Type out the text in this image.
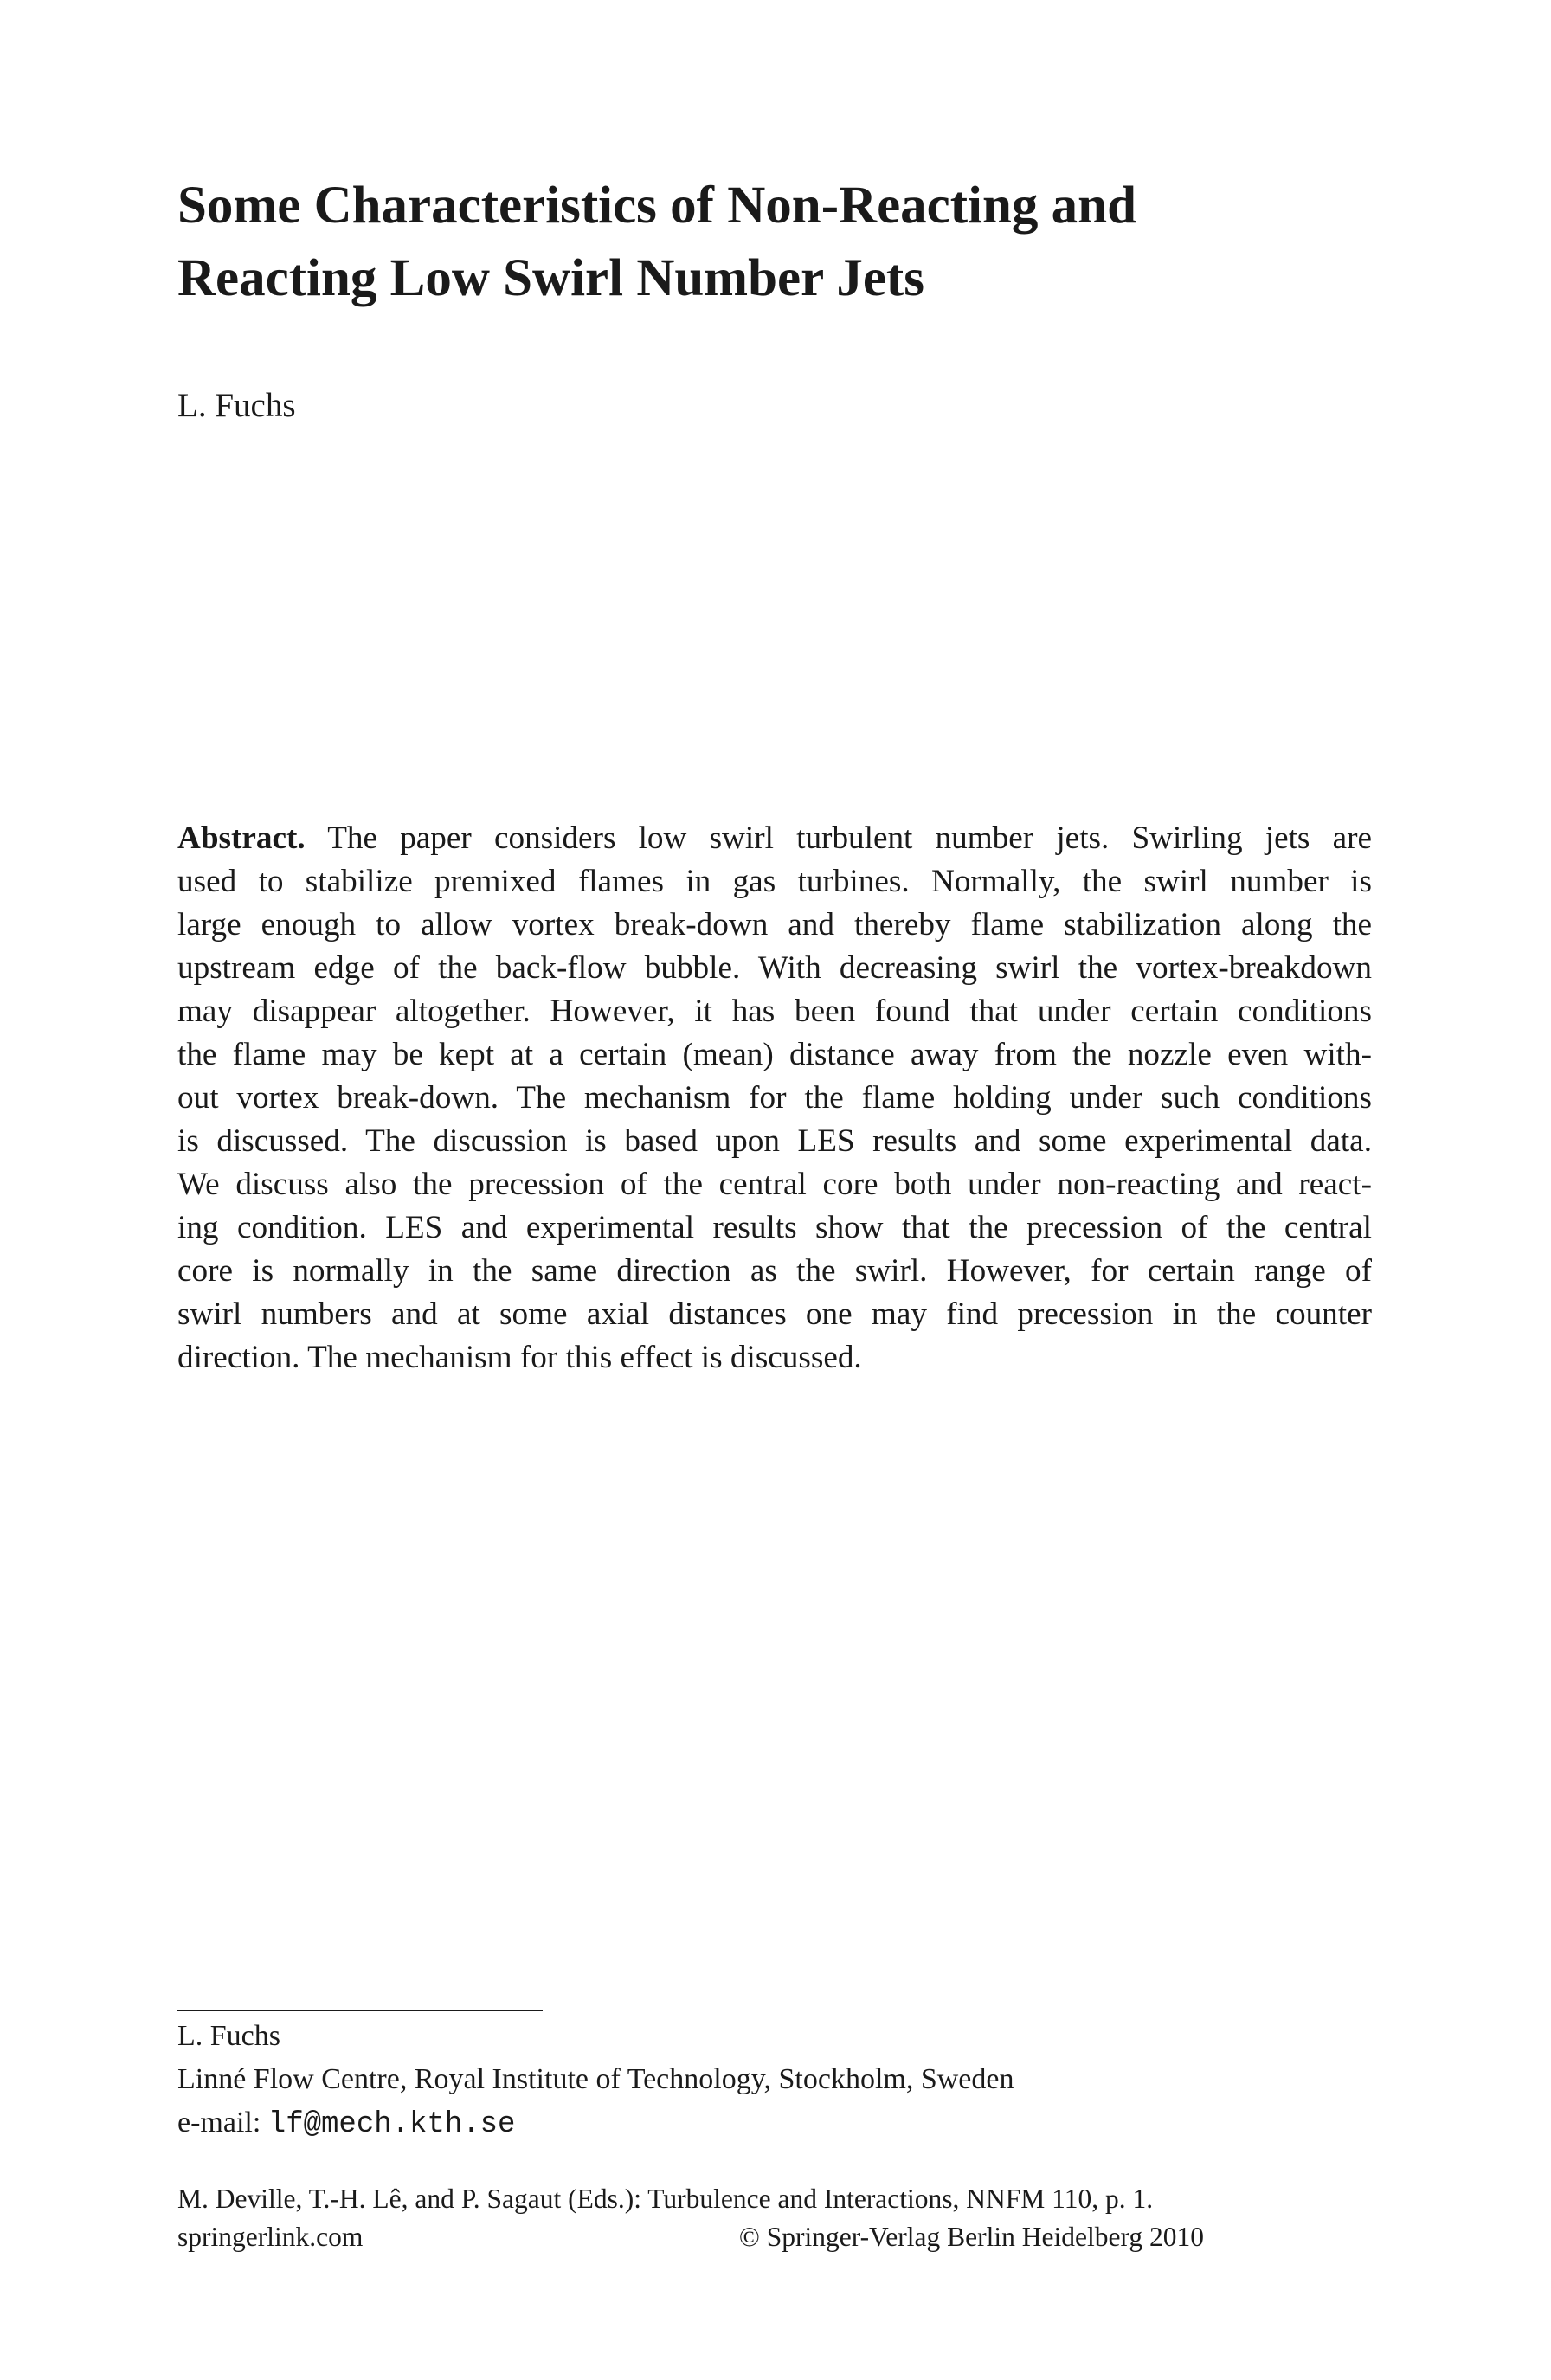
Some Characteristics of Non-Reacting and
Reacting Low Swirl Number Jets
L. Fuchs
Abstract. The paper considers low swirl turbulent number jets. Swirling jets are
used to stabilize premixed flames in gas turbines. Normally, the swirl number is
large enough to allow vortex break-down and thereby flame stabilization along the
upstream edge of the back-flow bubble. With decreasing swirl the vortex-breakdown
may disappear altogether. However, it has been found that under certain conditions
the flame may be kept at a certain (mean) distance away from the nozzle even with-
out vortex break-down. The mechanism for the flame holding under such conditions
is discussed. The discussion is based upon LES results and some experimental data.
We discuss also the precession of the central core both under non-reacting and react-
ing condition. LES and experimental results show that the precession of the central
core is normally in the same direction as the swirl. However, for certain range of
swirl numbers and at some axial distances one may find precession in the counter
direction. The mechanism for this effect is discussed.
L. Fuchs
Linné Flow Centre, Royal Institute of Technology, Stockholm, Sweden
e-mail: lf@mech.kth.se
M. Deville, T.-H. Lê, and P. Sagaut (Eds.): Turbulence and Interactions, NNFM 110, p. 1.
springerlink.com	© Springer-Verlag Berlin Heidelberg 2010
